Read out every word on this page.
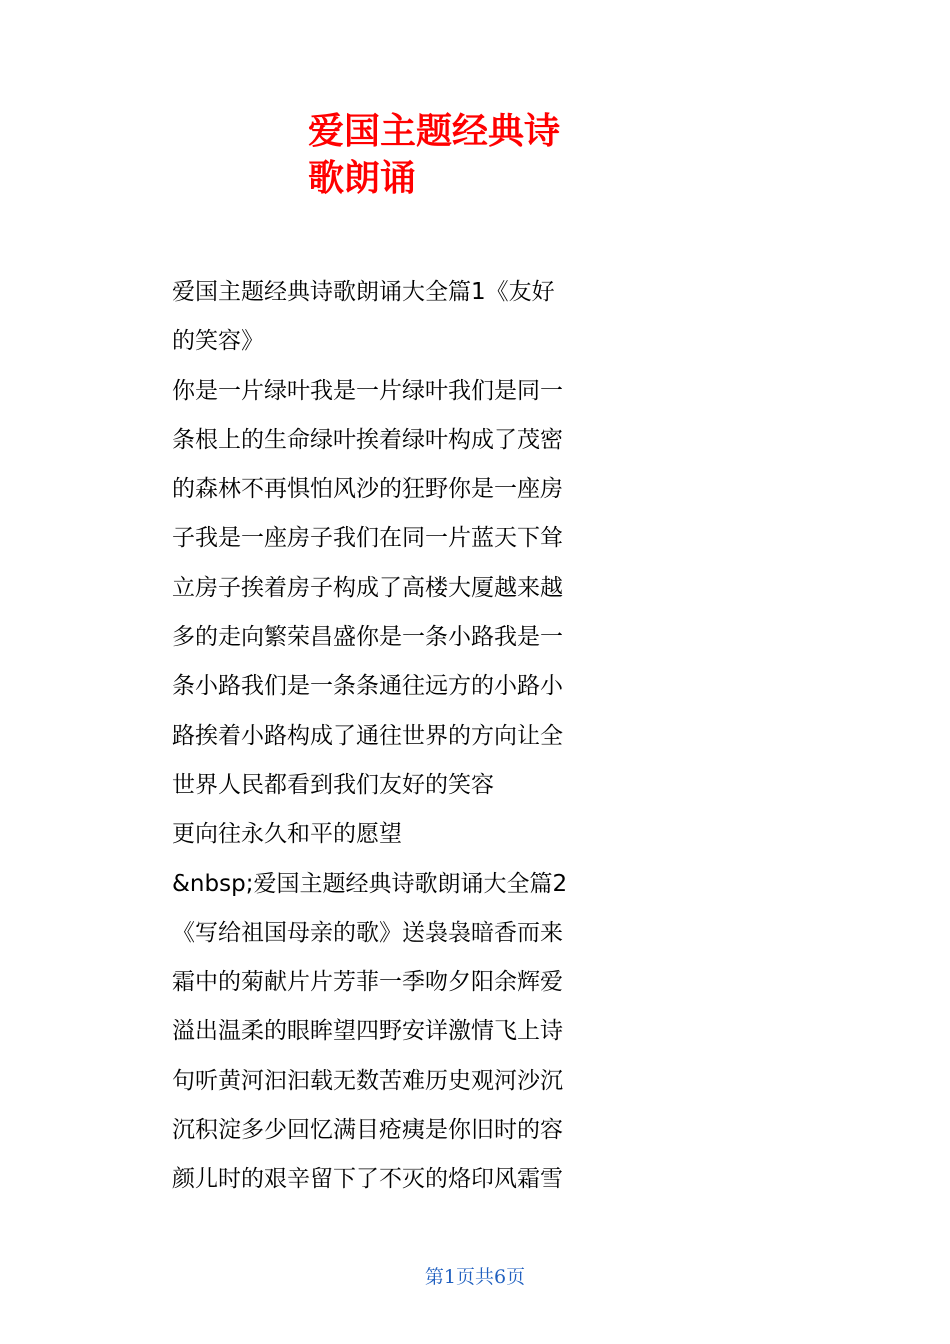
爱国主题经典诗
歌朗诵
爱国主题经典诗歌朗诵大全篇1《友好
的笑容》
你是一片绿叶我是一片绿叶我们是同一
条根上的生命绿叶挨着绿叶构成了茂密
的森林不再惧怕风沙的狂野你是一座房
子我是一座房子我们在同一片蓝天下耸
立房子挨着房子构成了高楼大厦越来越
多的走向繁荣昌盛你是一条小路我是一
条小路我们是一条条通往远方的小路小
路挨着小路构成了通往世界的方向让全
世界人民都看到我们友好的笑容
更向往永久和平的愿望
&nbsp;爱国主题经典诗歌朗诵大全篇2
《写给祖国母亲的歌》送袅袅暗香而来
霜中的菊献片片芳菲一季吻夕阳余辉爱
溢出温柔的眼眸望四野安详激情飞上诗
句听黄河汩汩载无数苦难历史观河沙沉
沉积淀多少回忆满目疮痍是你旧时的容
颜儿时的艰辛留下了不灭的烙印风霜雪
第1页共6页
